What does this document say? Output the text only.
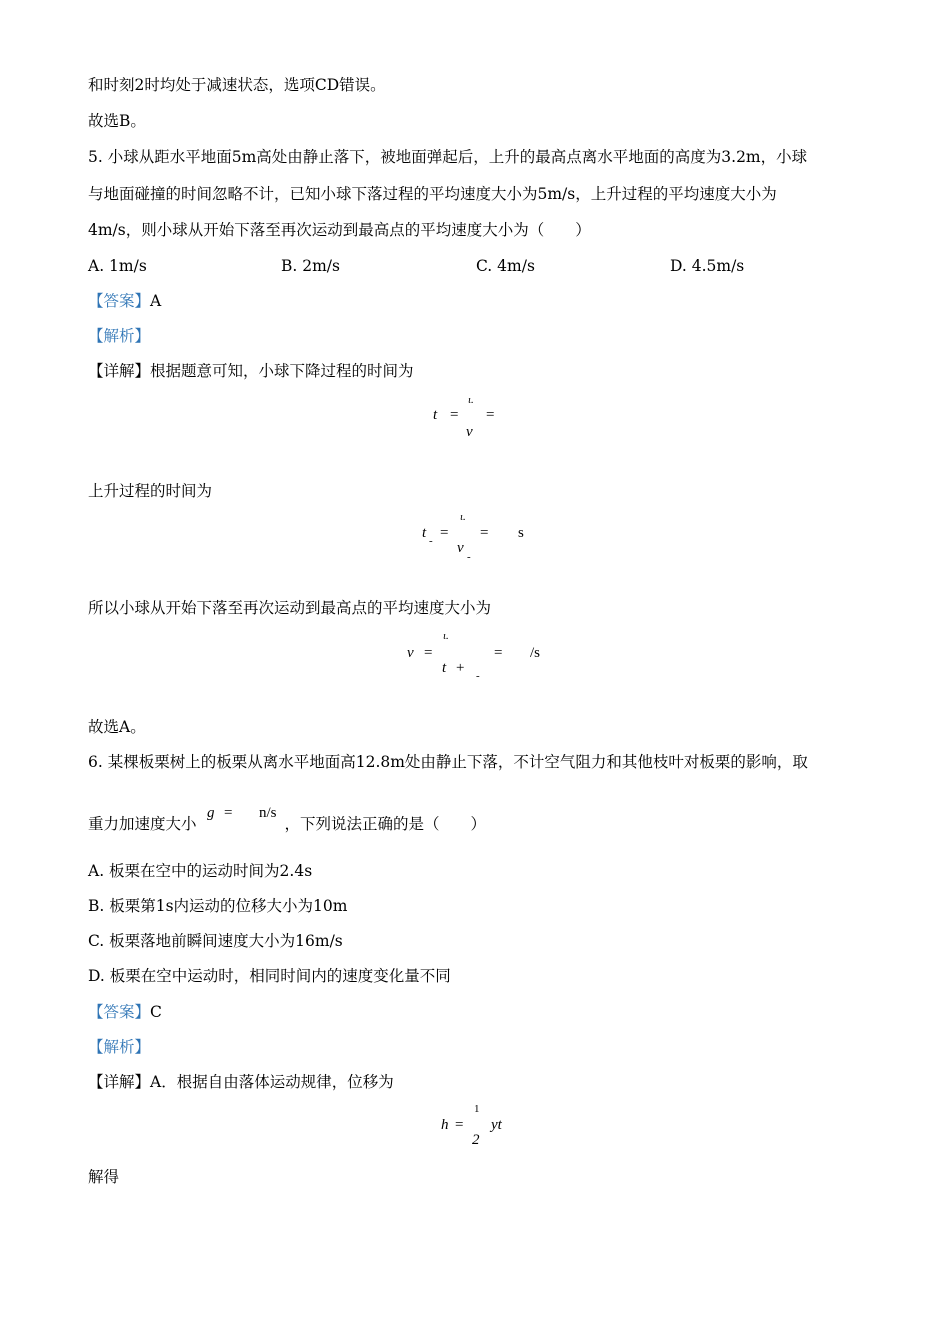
和时刻2时均处于减速状态，选项CD错误。
故选B。
5. 小球从距水平地面5m高处由静止落下，被地面弹起后，上升的最高点离水平地面的高度为3.2m，小球
与地面碰撞的时间忽略不计，已知小球下落过程的平均速度大小为5m/s，上升过程的平均速度大小为
4m/s，则小球从开始下落至再次运动到最高点的平均速度大小为（　　）
A. 1m/s	B. 2m/s	C. 4m/s	D. 4.5m/s
【答案】A
【解析】
【详解】根据题意可知，小球下降过程的时间为
t =
ι.
v
=
上升过程的时间为
t - =
ι.
v
-
= s
所以小球从开始下落至再次运动到最高点的平均速度大小为
v =
ι.
t + -
= /s
故选A。
6. 某棵板栗树上的板栗从离水平地面高12.8m处由静止下落，不计空气阻力和其他枝叶对板栗的影响，取
重力加速度大小	，下列说法正确的是（　　）
g = n/s
A. 板栗在空中的运动时间为2.4s
B. 板栗第1s内运动的位移大小为10m
C. 板栗落地前瞬间速度大小为16m/s
D. 板栗在空中运动时，相同时间内的速度变化量不同
【答案】C
【解析】
【详解】A．根据自由落体运动规律，位移为
h =
1
2
yt
解得
